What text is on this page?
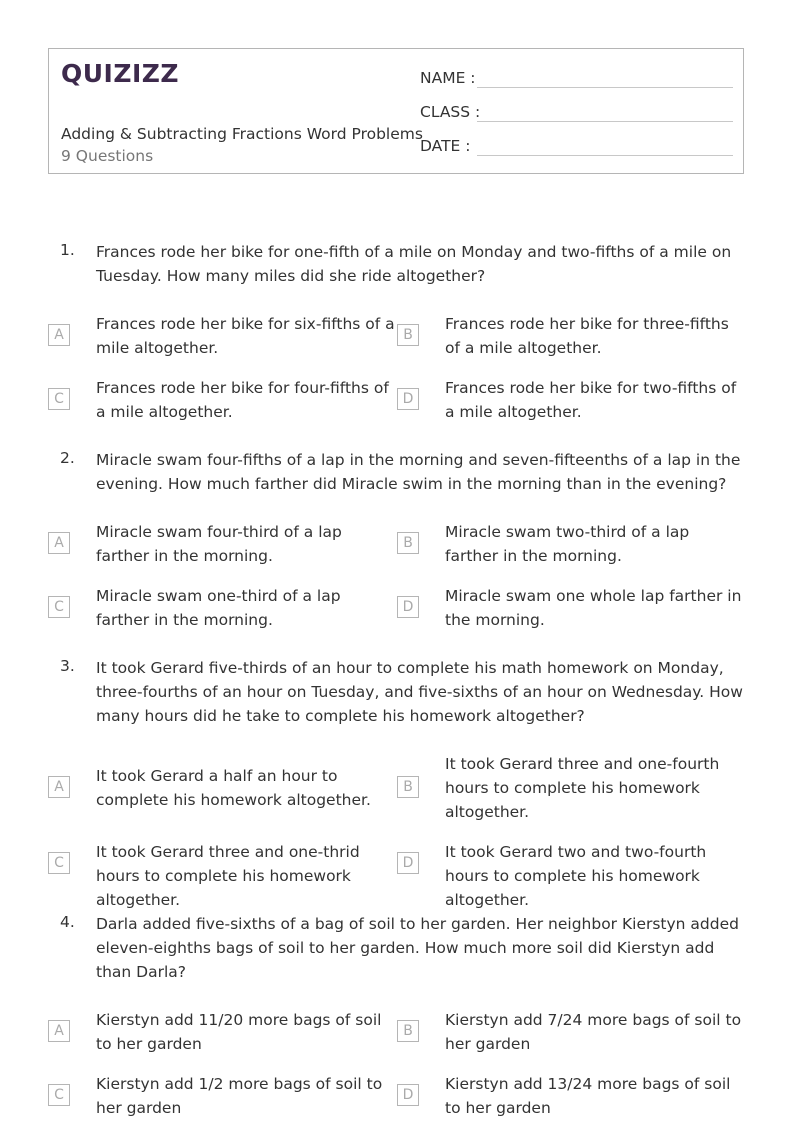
QUIZIZZ
Adding & Subtracting Fractions Word Problems
9 Questions
NAME :
CLASS :
DATE :
1. Frances rode her bike for one-fifth of a mile on Monday and two-fifths of a mile on Tuesday. How many miles did she ride altogether?
A
Frances rode her bike for six-fifths of a mile altogether.
B
Frances rode her bike for three-fifths of a mile altogether.
C
Frances rode her bike for four-fifths of a mile altogether.
D
Frances rode her bike for two-fifths of a mile altogether.
2. Miracle swam four-fifths of a lap in the morning and seven-fifteenths of a lap in the evening. How much farther did Miracle swim in the morning than in the evening?
A
Miracle swam four-third of a lap farther in the morning.
B
Miracle swam two-third of a lap farther in the morning.
C
Miracle swam one-third of a lap farther in the morning.
D
Miracle swam one whole lap farther in the morning.
3. It took Gerard five-thirds of an hour to complete his math homework on Monday, three-fourths of an hour on Tuesday, and five-sixths of an hour on Wednesday. How many hours did he take to complete his homework altogether?
A
It took Gerard a half an hour to complete his homework altogether.
B
It took Gerard three and one-fourth hours to complete his homework altogether.
C
It took Gerard three and one-thrid hours to complete his homework altogether.
D
It took Gerard two and two-fourth hours to complete his homework altogether.
4. Darla added five-sixths of a bag of soil to her garden. Her neighbor Kierstyn added eleven-eighths bags of soil to her garden. How much more soil did Kierstyn add than Darla?
A
Kierstyn add 11/20 more bags of soil to her garden
B
Kierstyn add 7/24 more bags of soil to her garden
C
Kierstyn add 1/2 more bags of soil to her garden
D
Kierstyn add 13/24 more bags of soil to her garden
